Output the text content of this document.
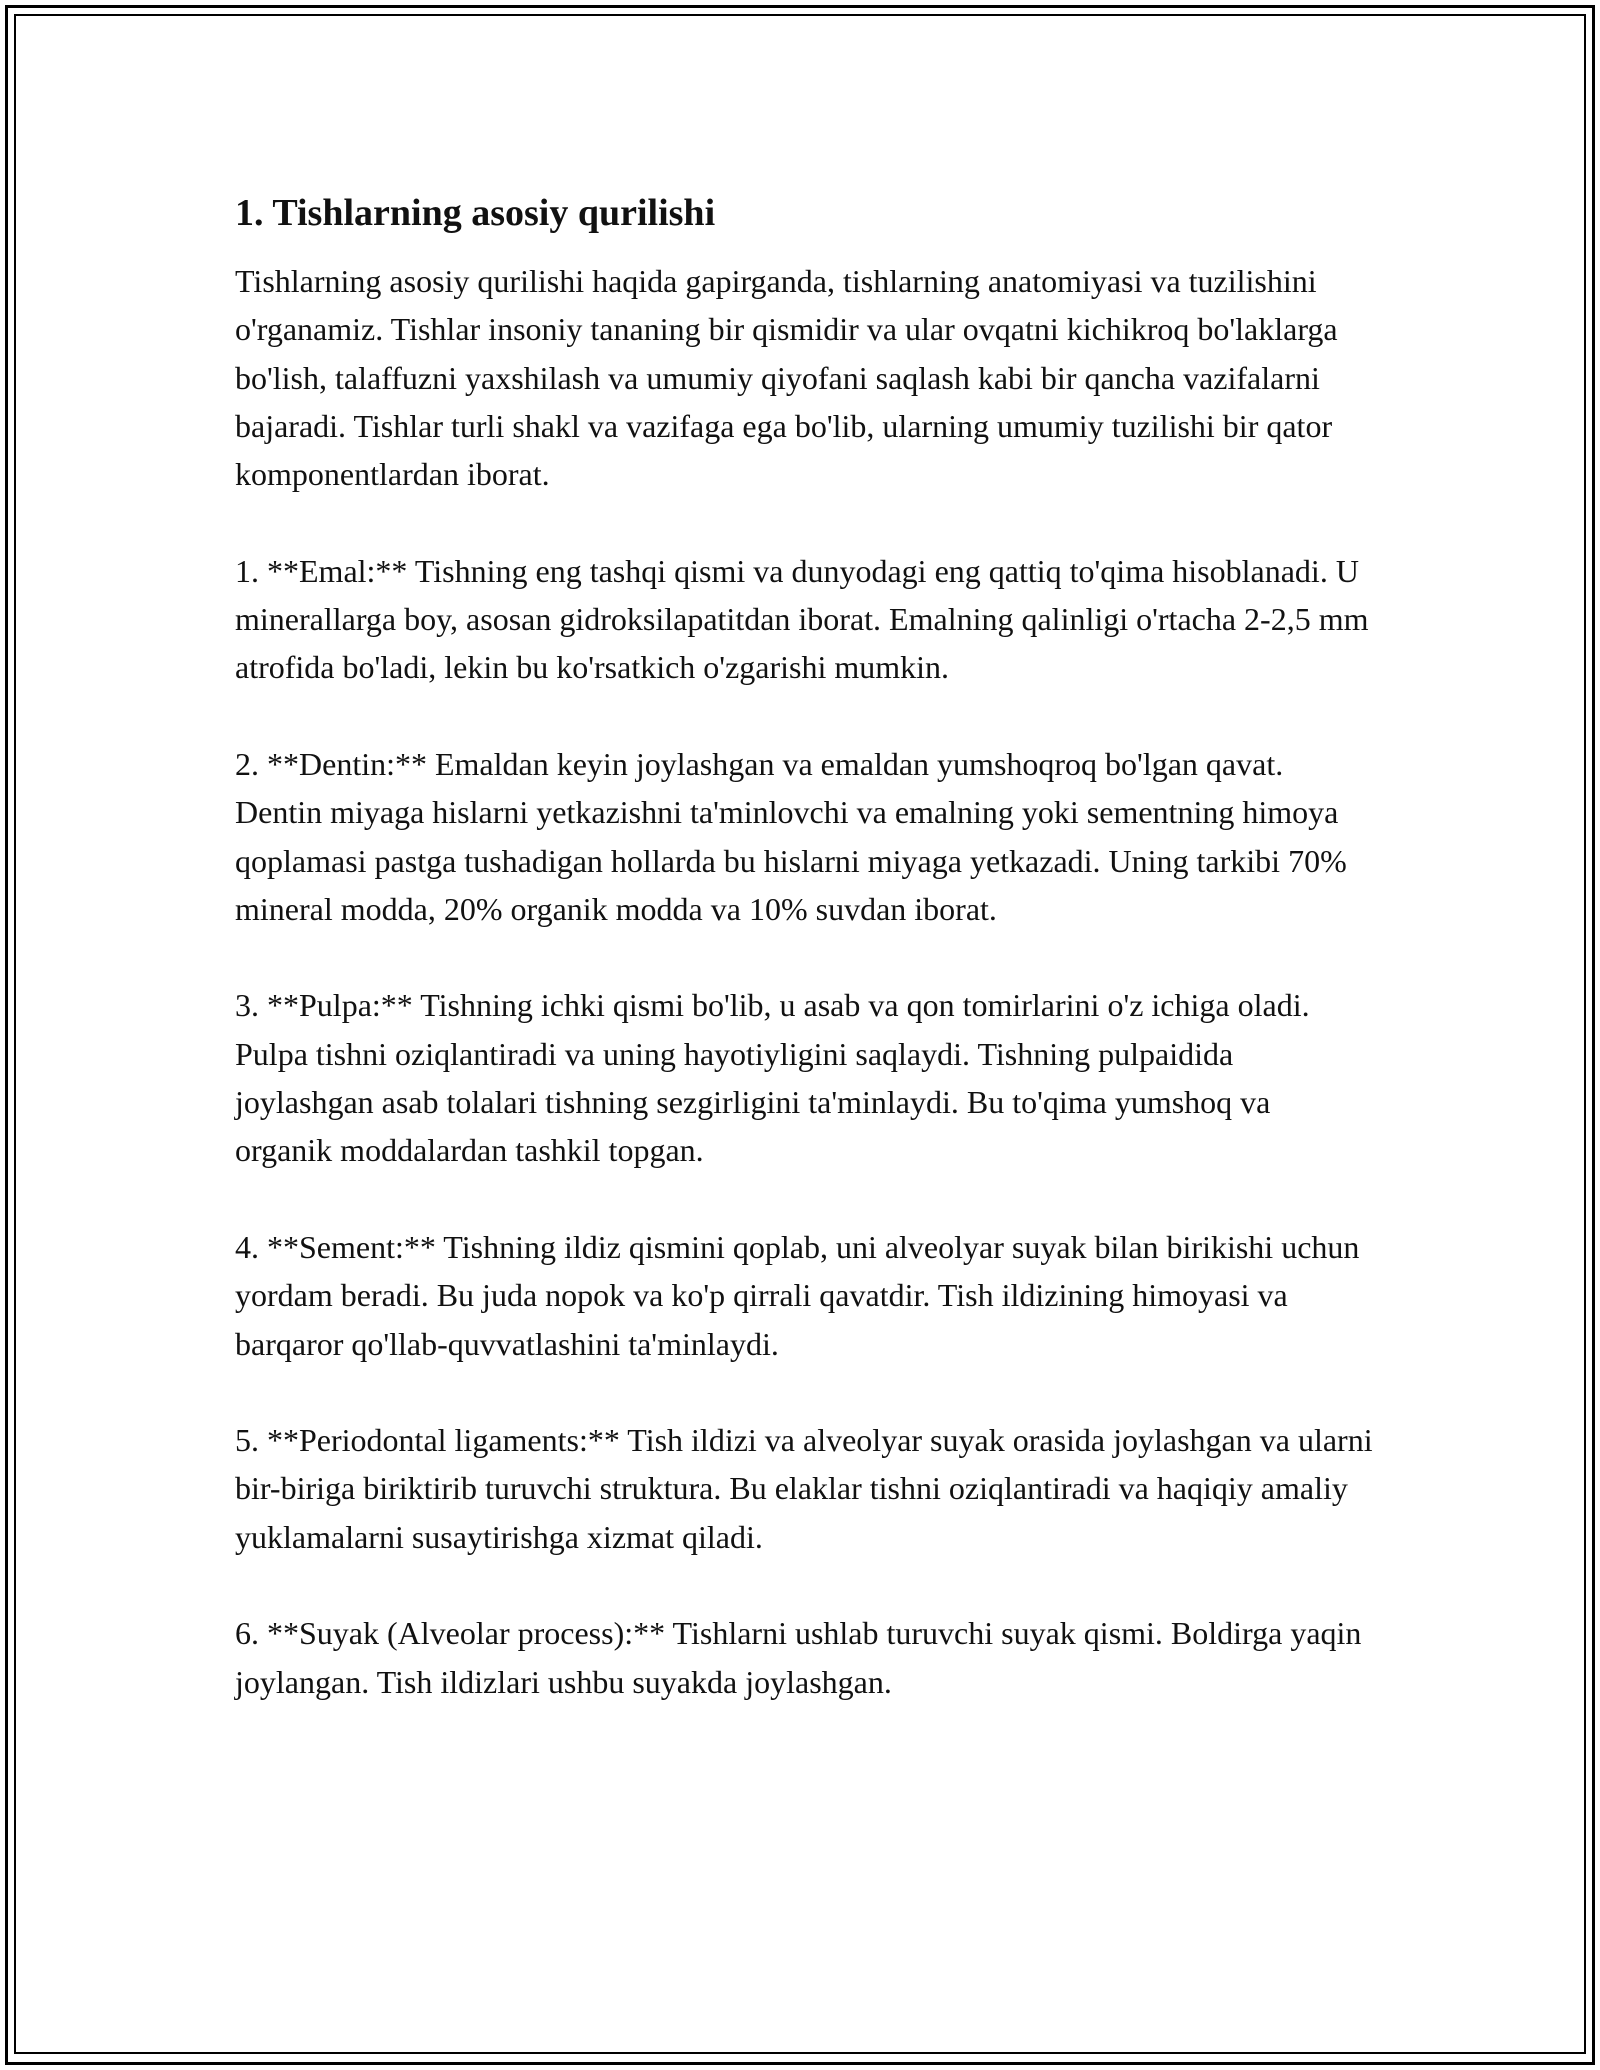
1. Tishlarning asosiy qurilishi

Tishlarning asosiy qurilishi haqida gapirganda, tishlarning anatomiyasi va tuzilishini o'rganamiz. Tishlar insoniy tananing bir qismidir va ular ovqatni kichikroq bo'laklarga bo'lish, talaffuzni yaxshilash va umumiy qiyofani saqlash kabi bir qancha vazifalarni bajaradi. Tishlar turli shakl va vazifaga ega bo'lib, ularning umumiy tuzilishi bir qator komponentlardan iborat.

1. **Emal:** Tishning eng tashqi qismi va dunyodagi eng qattiq to'qima hisoblanadi. U minerallarga boy, asosan gidroksilapatitdan iborat. Emalning qalinligi o'rtacha 2-2,5 mm atrofida bo'ladi, lekin bu ko'rsatkich o'zgarishi mumkin.

2. **Dentin:** Emaldan keyin joylashgan va emaldan yumshoqroq bo'lgan qavat. Dentin miyaga hislarni yetkazishni ta'minlovchi va emalning yoki sementning himoya qoplamasi pastga tushadigan hollarda bu hislarni miyaga yetkazadi. Uning tarkibi 70% mineral modda, 20% organik modda va 10% suvdan iborat.

3. **Pulpa:** Tishning ichki qismi bo'lib, u asab va qon tomirlarini o'z ichiga oladi. Pulpa tishni oziqlantiradi va uning hayotiyligini saqlaydi. Tishning pulpaidida joylashgan asab tolalari tishning sezgirligini ta'minlaydi. Bu to'qima yumshoq va organik moddalardan tashkil topgan.

4. **Sement:** Tishning ildiz qismini qoplab, uni alveolyar suyak bilan birikishi uchun yordam beradi. Bu juda nopok va ko'p qirrali qavatdir. Tish ildizining himoyasi va barqaror qo'llab-quvvatlashini ta'minlaydi.

5. **Periodontal ligaments:** Tish ildizi va alveolyar suyak orasida joylashgan va ularni bir-biriga biriktirib turuvchi struktura. Bu elaklar tishni oziqlantiradi va haqiqiy amaliy yuklamalarni susaytirishga xizmat qiladi.

6. **Suyak (Alveolar process):** Tishlarni ushlab turuvchi suyak qismi. Boldirga yaqin joylangan. Tish ildizlari ushbu suyakda joylashgan.
